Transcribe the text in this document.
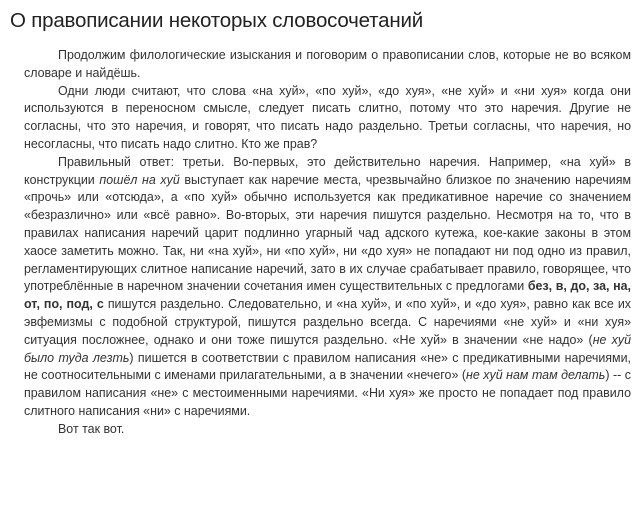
О правописании некоторых словосочетаний

Продолжим филологические изыскания и поговорим о правописании слов, которые не во всяком словаре и найдёшь.

Одни люди считают, что слова «на хуй», «по хуй», «до хуя», «не хуй» и «ни хуя» когда они используются в переносном смысле, следует писать слитно, потому что это наречия. Другие не согласны, что это наречия, и говорят, что писать надо раздельно. Третьи согласны, что наречия, но несогласны, что писать надо слитно. Кто же прав?

Правильный ответ: третьи. Во-первых, это действительно наречия. Например, «на хуй» в конструкции пошёл на хуй выступает как наречие места, чрезвычайно близкое по значению наречиям «прочь» или «отсюда», а «по хуй» обычно используется как предикативное наречие со значением «безразлично» или «всё равно». Во-вторых, эти наречия пишутся раздельно. Несмотря на то, что в правилах написания наречий царит подлинно угарный чад адского кутежа, кое-какие законы в этом хаосе заметить можно. Так, ни «на хуй», ни «по хуй», ни «до хуя» не попадают ни под одно из правил, регламентирующих слитное написание наречий, зато в их случае срабатывает правило, говорящее, что употреблённые в наречном значении сочетания имен существительных с предлогами без, в, до, за, на, от, по, под, с пишутся раздельно. Следовательно, и «на хуй», и «по хуй», и «до хуя», равно как все их эвфемизмы с подобной структурой, пишутся раздельно всегда. С наречиями «не хуй» и «ни хуя» ситуация посложнее, однако и они тоже пишутся раздельно. «Не хуй» в значении «не надо» (не хуй было туда лезть) пишется в соответствии с правилом написания «не» с предикативными наречиями, не соотносительными с именами прилагательными, а в значении «нечего» (не хуй нам там делать) -- с правилом написания «не» с местоименными наречиями. «Ни хуя» же просто не попадает под правило слитного написания «ни» с наречиями.

Вот так вот.
